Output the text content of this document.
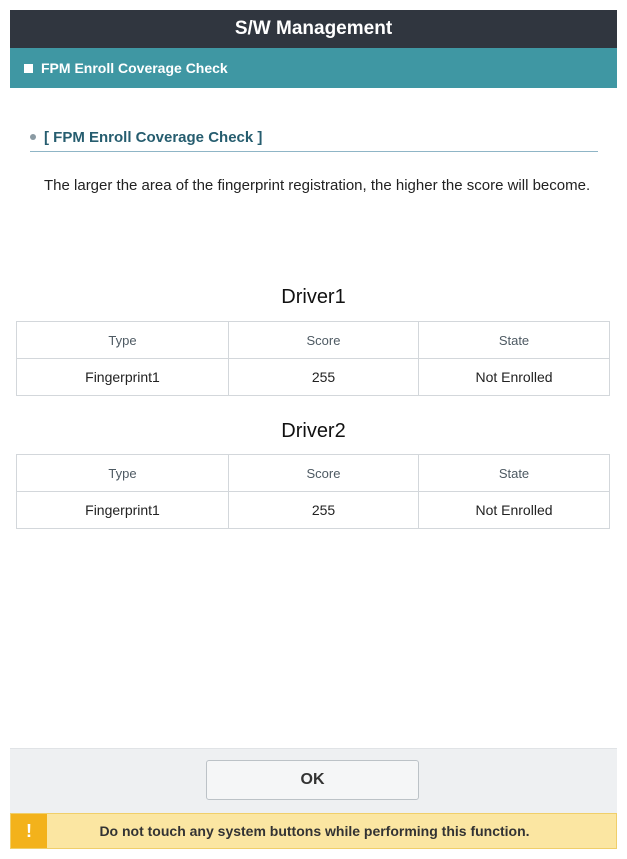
S/W Management
FPM Enroll Coverage Check
[ FPM Enroll Coverage Check ]
The larger the area of the fingerprint registration, the higher the score will become.
Driver1
Type	Score	State
Fingerprint1	255	Not Enrolled
Driver2
Type	Score	State
Fingerprint1	255	Not Enrolled
OK
!	Do not touch any system buttons while performing this function.
